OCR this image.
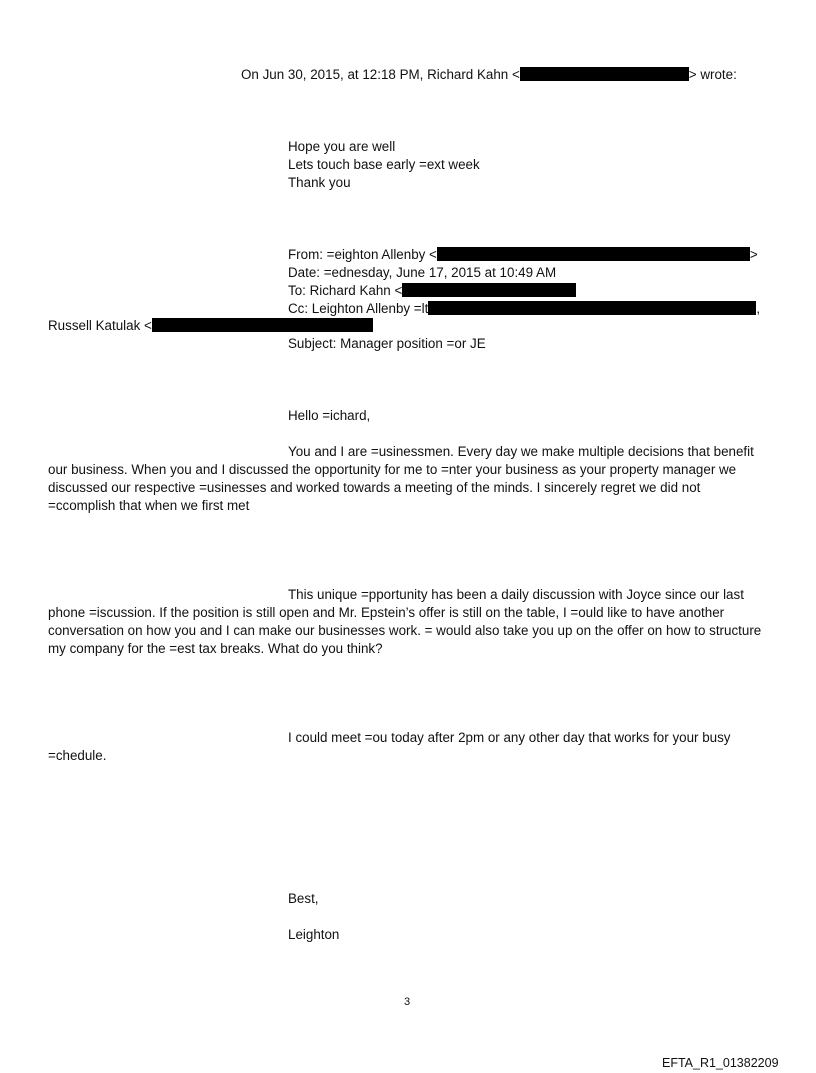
On Jun 30, 2015, at 12:18 PM, Richard Kahn <	> wrote:
Hope you are well
Lets touch base early =ext week
Thank you
From: =eighton Allenby <	>
Date: =ednesday, June 17, 2015 at 10:49 AM
To: Richard Kahn <
Cc: Leighton Allenby =lt	,
Russell Katulak <
Subject: Manager position =or JE
Hello =ichard,
You and I are =usinessmen. Every day we make multiple decisions that benefit
our business. When you and I discussed the opportunity for me to =nter your business as your property manager we
discussed our respective =usinesses and worked towards a meeting of the minds. I sincerely regret we did not
=ccomplish that when we first met
This unique =pportunity has been a daily discussion with Joyce since our last
phone =iscussion. If the position is still open and Mr. Epstein’s offer is still on the table, I =ould like to have another
conversation on how you and I can make our businesses work. = would also take you up on the offer on how to structure
my company for the =est tax breaks. What do you think?
I could meet =ou today after 2pm or any other day that works for your busy
=chedule.
Best,
Leighton
3
EFTA_R1_01382209
